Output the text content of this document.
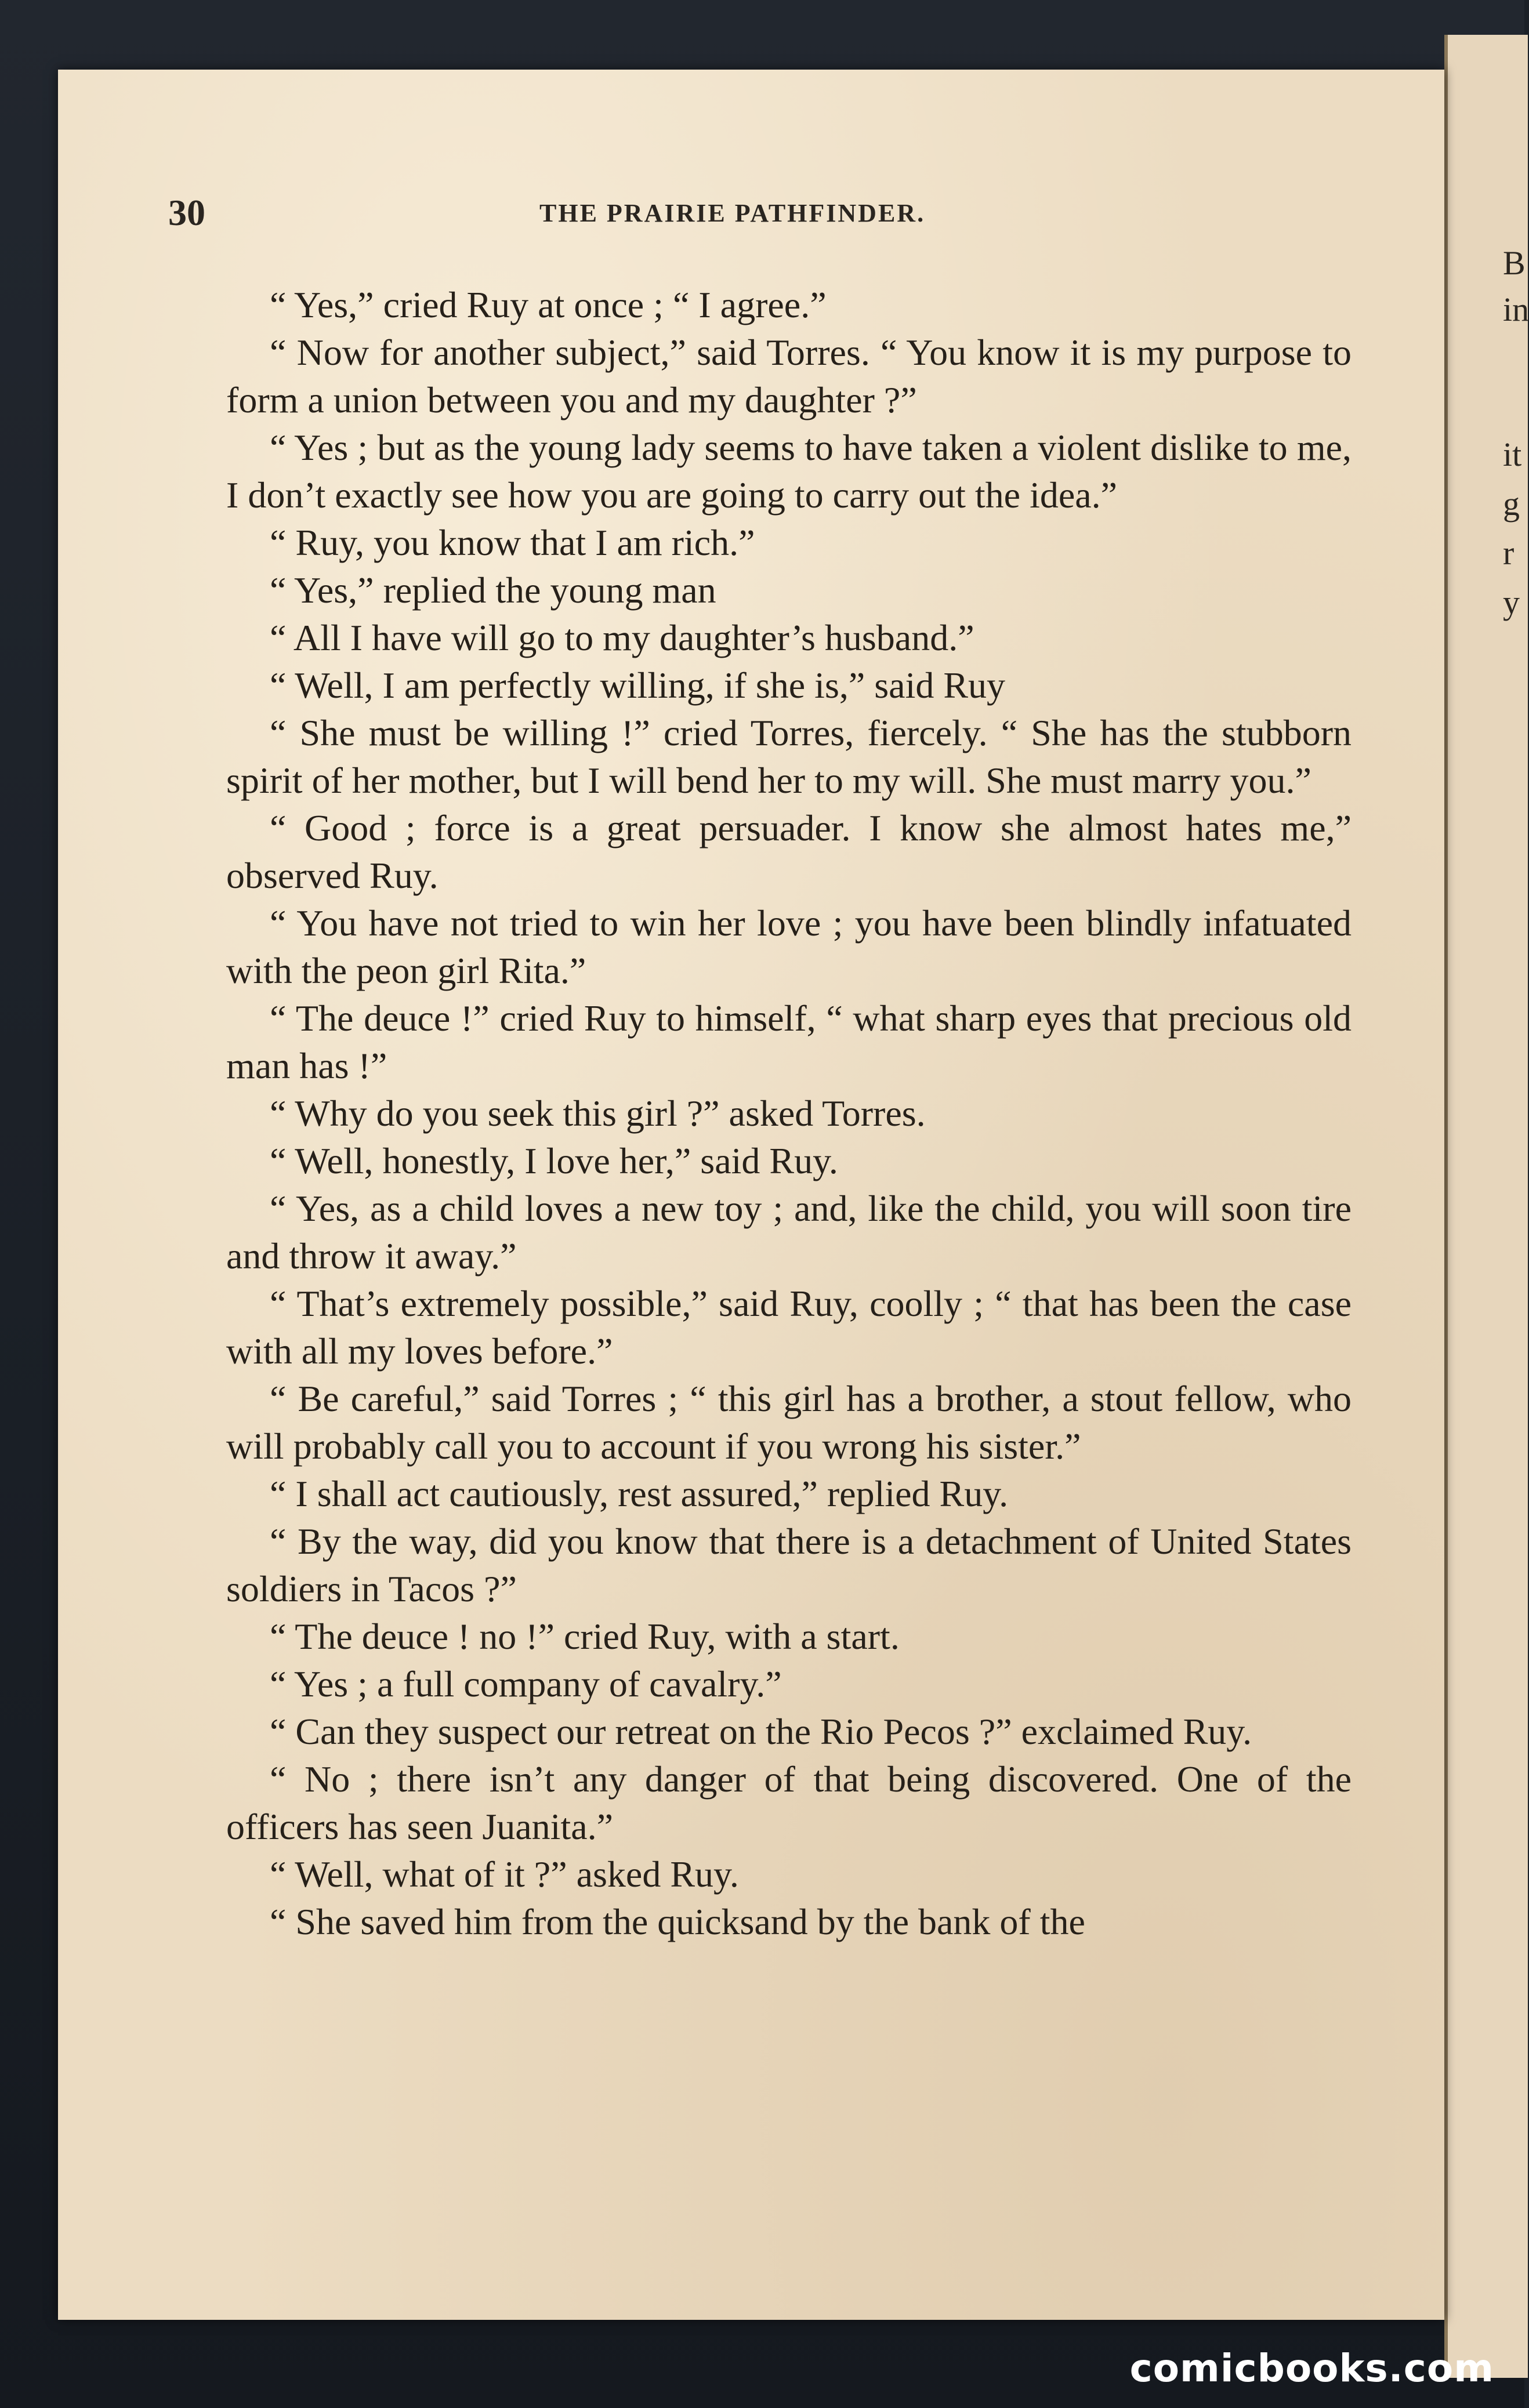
B
in
it
g
r
y
30	THE PRAIRIE PATHFINDER.

“ Yes,” cried Ruy at once ; “ I agree.”

“ Now for another subject,” said Torres. “ You know it is my purpose to form a union between you and my daughter ?”

“ Yes ; but as the young lady seems to have taken a violent dislike to me, I don’t exactly see how you are going to carry out the idea.”

“ Ruy, you know that I am rich.”

“ Yes,” replied the young man

“ All I have will go to my daughter’s husband.”

“ Well, I am perfectly willing, if she is,” said Ruy

“ She must be willing !” cried Torres, fiercely. “ She has the stubborn spirit of her mother, but I will bend her to my will. She must marry you.”

“ Good ; force is a great persuader. I know she almost hates me,” observed Ruy.

“ You have not tried to win her love ; you have been blindly infatuated with the peon girl Rita.”

“ The deuce !” cried Ruy to himself, “ what sharp eyes that precious old man has !”

“ Why do you seek this girl ?” asked Torres.

“ Well, honestly, I love her,” said Ruy.

“ Yes, as a child loves a new toy ; and, like the child, you will soon tire and throw it away.”

“ That’s extremely possible,” said Ruy, coolly ; “ that has been the case with all my loves before.”

“ Be careful,” said Torres ; “ this girl has a brother, a stout fellow, who will probably call you to account if you wrong his sister.”

“ I shall act cautiously, rest assured,” replied Ruy.

“ By the way, did you know that there is a detachment of United States soldiers in Tacos ?”

“ The deuce ! no !” cried Ruy, with a start.

“ Yes ; a full company of cavalry.”

“ Can they suspect our retreat on the Rio Pecos ?” exclaimed Ruy.

“ No ; there isn’t any danger of that being discovered. One of the officers has seen Juanita.”

“ Well, what of it ?” asked Ruy.

“ She saved him from the quicksand by the bank of the

comicbooks.com
